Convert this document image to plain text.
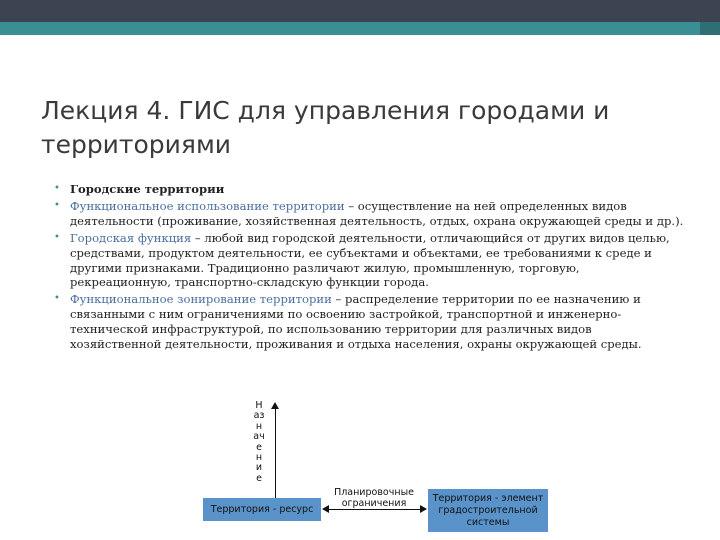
Лекция 4. ГИС для управления городами и территориями
• Городские территории
• Функциональное использование территории – осуществление на ней определенных видов деятельности (проживание, хозяйственная деятельность, отдых, охрана окружающей среды и др.).
• Городская функция – любой вид городской деятельности, отличающийся от других видов целью, средствами, продуктом деятельности, ее субъектами и объектами, ее требованиями к среде и другими признаками. Традиционно различают жилую, промышленную, торговую, рекреационную, транспортно-складскую функции города.
• Функциональное зонирование территории – распределение территории по ее назначению и связанными с ним ограничениями по освоению застройкой, транспортной и инженерно-технической инфраструктурой, по использованию территории для различных видов хозяйственной деятельности, проживания и отдыха населения, охраны окружающей среды.
Назначение
Территория - ресурс
Планировочные ограничения	Территория - элемент градостроительной системы
